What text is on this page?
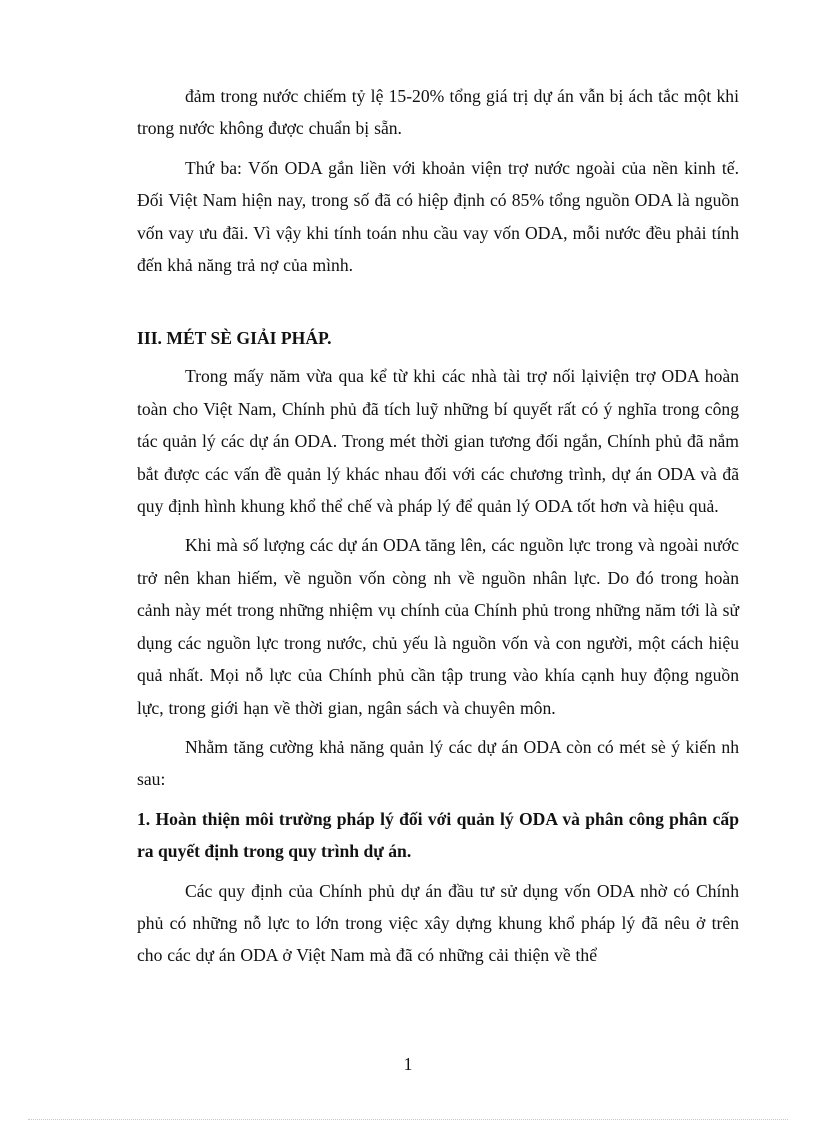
đảm trong nước chiếm tỷ lệ 15-20% tổng giá trị dự án vẫn bị ách tắc một khi trong nước không được chuẩn bị sẵn.

Thứ ba: Vốn ODA gắn liền với khoản viện trợ nước ngoài của nền kinh tế. Đối Việt Nam hiện nay, trong số đã có hiệp định có 85% tổng nguồn ODA là nguồn vốn vay ưu đãi. Vì vậy khi tính toán nhu cầu vay vốn ODA, mỗi nước đều phải tính đến khả năng trả nợ của mình.

III. MÉT SÈ GIẢI PHÁP.

Trong mấy năm vừa qua kể từ khi các nhà tài trợ nối lạiviện trợ ODA hoàn toàn cho Việt Nam, Chính phủ đã tích luỹ những bí quyết rất có ý nghĩa trong công tác quản lý các dự án ODA. Trong mét thời gian tương đối ngắn, Chính phủ đã nắm bắt được các vấn đề quản lý khác nhau đối với các chương trình, dự án ODA và đã quy định hình khung khổ thể chế và pháp lý để quản lý ODA tốt hơn và hiệu quả.

Khi mà số lượng các dự án ODA tăng lên, các nguồn lực trong và ngoài nước trở nên khan hiếm, về nguồn vốn còng nh về nguồn nhân lực. Do đó trong hoàn cảnh này mét trong những nhiệm vụ chính của Chính phủ trong những năm tới là sử dụng các nguồn lực trong nước, chủ yếu là nguồn vốn và con người, một cách hiệu quả nhất. Mọi nỗ lực của Chính phủ cần tập trung vào khía cạnh huy động nguồn lực, trong giới hạn về thời gian, ngân sách và chuyên môn.

Nhằm tăng cường khả năng quản lý các dự án ODA còn có mét sè ý kiến nh sau:

1. Hoàn thiện môi trường pháp lý đối với quản lý ODA và phân công phân cấp ra quyết định trong quy trình dự án.

Các quy định của Chính phủ dự án đầu tư sử dụng vốn ODA nhờ có Chính phủ có những nỗ lực to lớn trong việc xây dựng khung khổ pháp lý đã nêu ở trên cho các dự án ODA ở Việt Nam mà đã có những cải thiện về thể

1
